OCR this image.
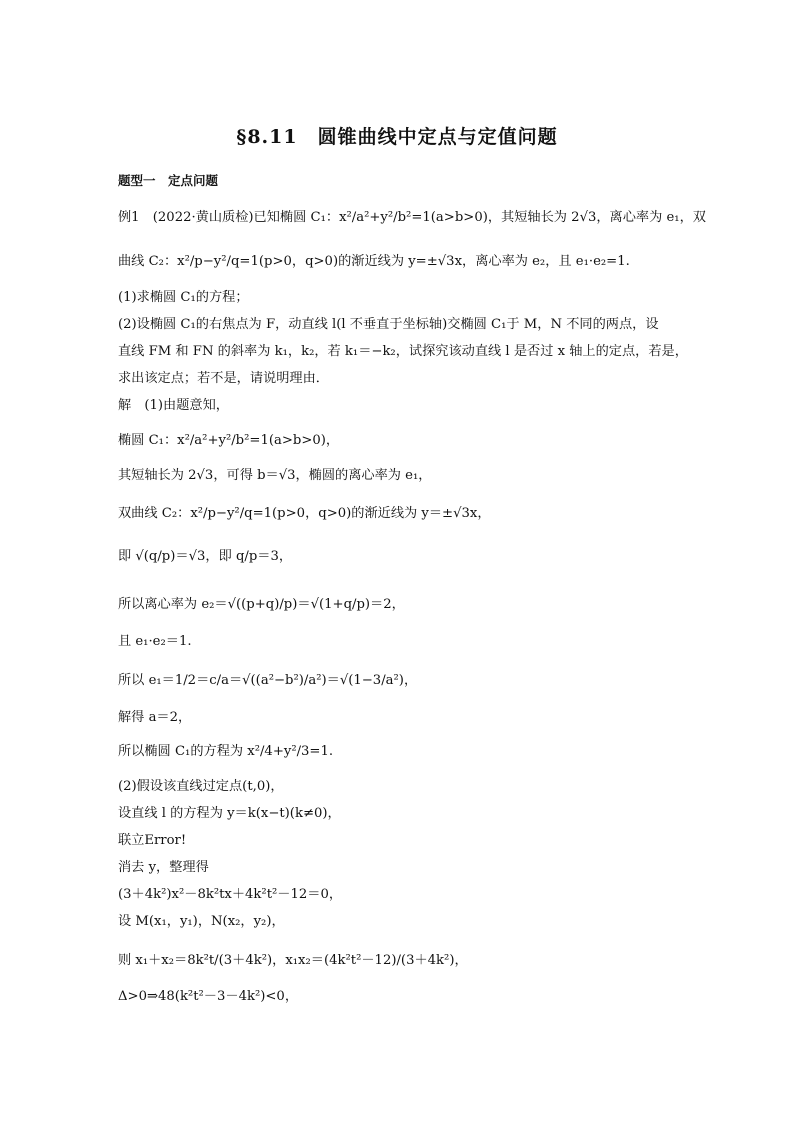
§8.11　圆锥曲线中定点与定值问题
题型一　定点问题
例1　(2022·黄山质检)已知椭圆 C₁：x²/a²+y²/b²=1(a>b>0)，其短轴长为 2√3，离心率为 e₁，双
曲线 C₂：x²/p−y²/q=1(p>0，q>0)的渐近线为 y=±√3x，离心率为 e₂，且 e₁·e₂=1.
(1)求椭圆 C₁的方程；
(2)设椭圆 C₁的右焦点为 F，动直线 l(l 不垂直于坐标轴)交椭圆 C₁于 M，N 不同的两点，设
直线 FM 和 FN 的斜率为 k₁，k₂，若 k₁＝−k₂，试探究该动直线 l 是否过 x 轴上的定点，若是，
求出该定点；若不是，请说明理由．
解　(1)由题意知，
椭圆 C₁：x²/a²+y²/b²=1(a>b>0)，
其短轴长为 2√3，可得 b＝√3，椭圆的离心率为 e₁，
双曲线 C₂：x²/p−y²/q=1(p>0，q>0)的渐近线为 y＝±√3x，
即 √(q/p)＝√3，即 q/p＝3，
所以离心率为 e₂＝√((p+q)/p)＝√(1+q/p)＝2，
且 e₁·e₂＝1.
所以 e₁＝1/2＝c/a＝√((a²−b²)/a²)＝√(1−3/a²)，
解得 a＝2，
所以椭圆 C₁的方程为 x²/4+y²/3=1.
(2)假设该直线过定点(t,0)，
设直线 l 的方程为 y＝k(x−t)(k≠0)，
联立Error!
消去 y，整理得
(3＋4k²)x²－8k²tx＋4k²t²－12＝0，
设 M(x₁，y₁)，N(x₂，y₂)，
则 x₁＋x₂＝8k²t/(3＋4k²)，x₁x₂＝(4k²t²－12)/(3＋4k²)，
Δ>0⇒48(k²t²－3－4k²)<0，
